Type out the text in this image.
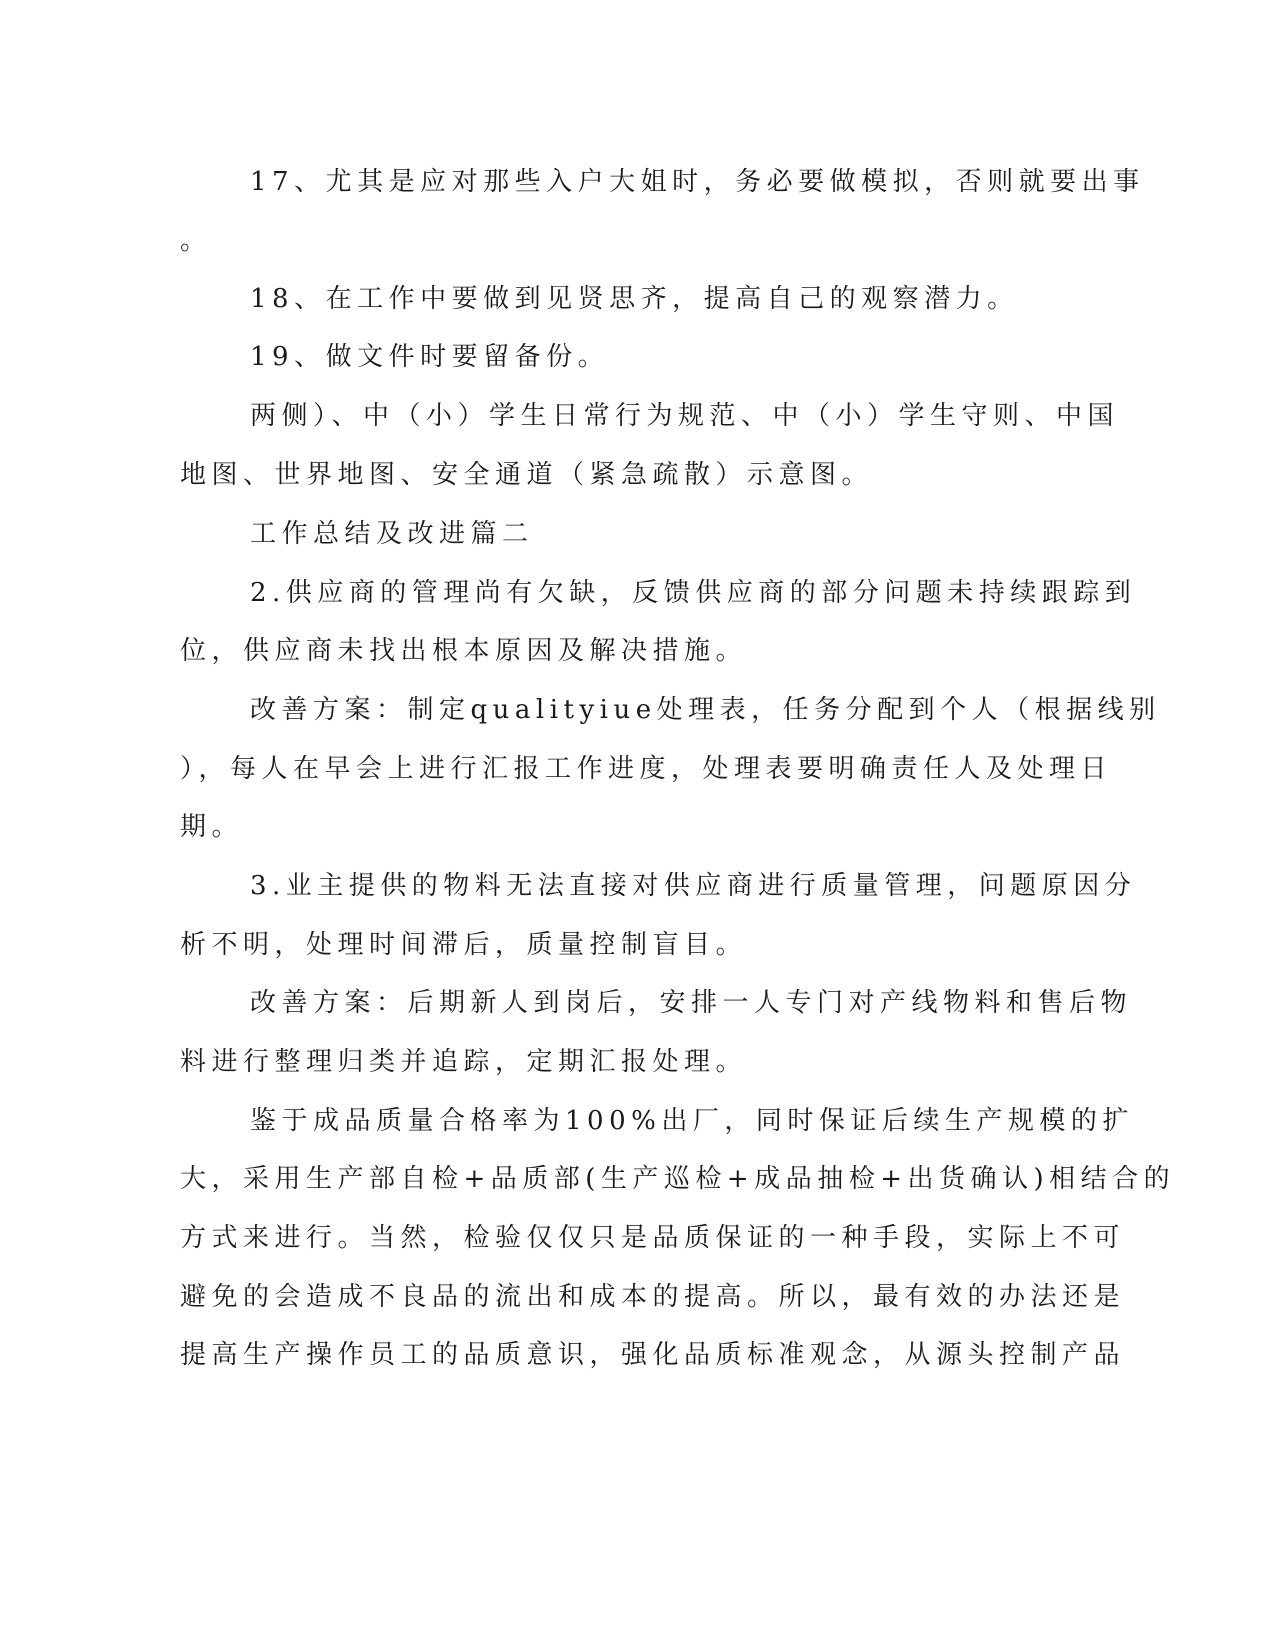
17、尤其是应对那些入户大姐时，务必要做模拟，否则就要出事
。
18、在工作中要做到见贤思齐，提高自己的观察潜力。
19、做文件时要留备份。
两侧）、中（小）学生日常行为规范、中（小）学生守则、中国
地图、世界地图、安全通道（紧急疏散）示意图。
工作总结及改进篇二
2.供应商的管理尚有欠缺，反馈供应商的部分问题未持续跟踪到
位，供应商未找出根本原因及解决措施。
改善方案：制定qualityiue处理表，任务分配到个人（根据线别
），每人在早会上进行汇报工作进度，处理表要明确责任人及处理日
期。
3.业主提供的物料无法直接对供应商进行质量管理，问题原因分
析不明，处理时间滞后，质量控制盲目。
改善方案：后期新人到岗后，安排一人专门对产线物料和售后物
料进行整理归类并追踪，定期汇报处理。
鉴于成品质量合格率为100%出厂，同时保证后续生产规模的扩
大，采用生产部自检+品质部(生产巡检+成品抽检+出货确认)相结合的
方式来进行。当然，检验仅仅只是品质保证的一种手段，实际上不可
避免的会造成不良品的流出和成本的提高。所以，最有效的办法还是
提高生产操作员工的品质意识，强化品质标准观念，从源头控制产品
